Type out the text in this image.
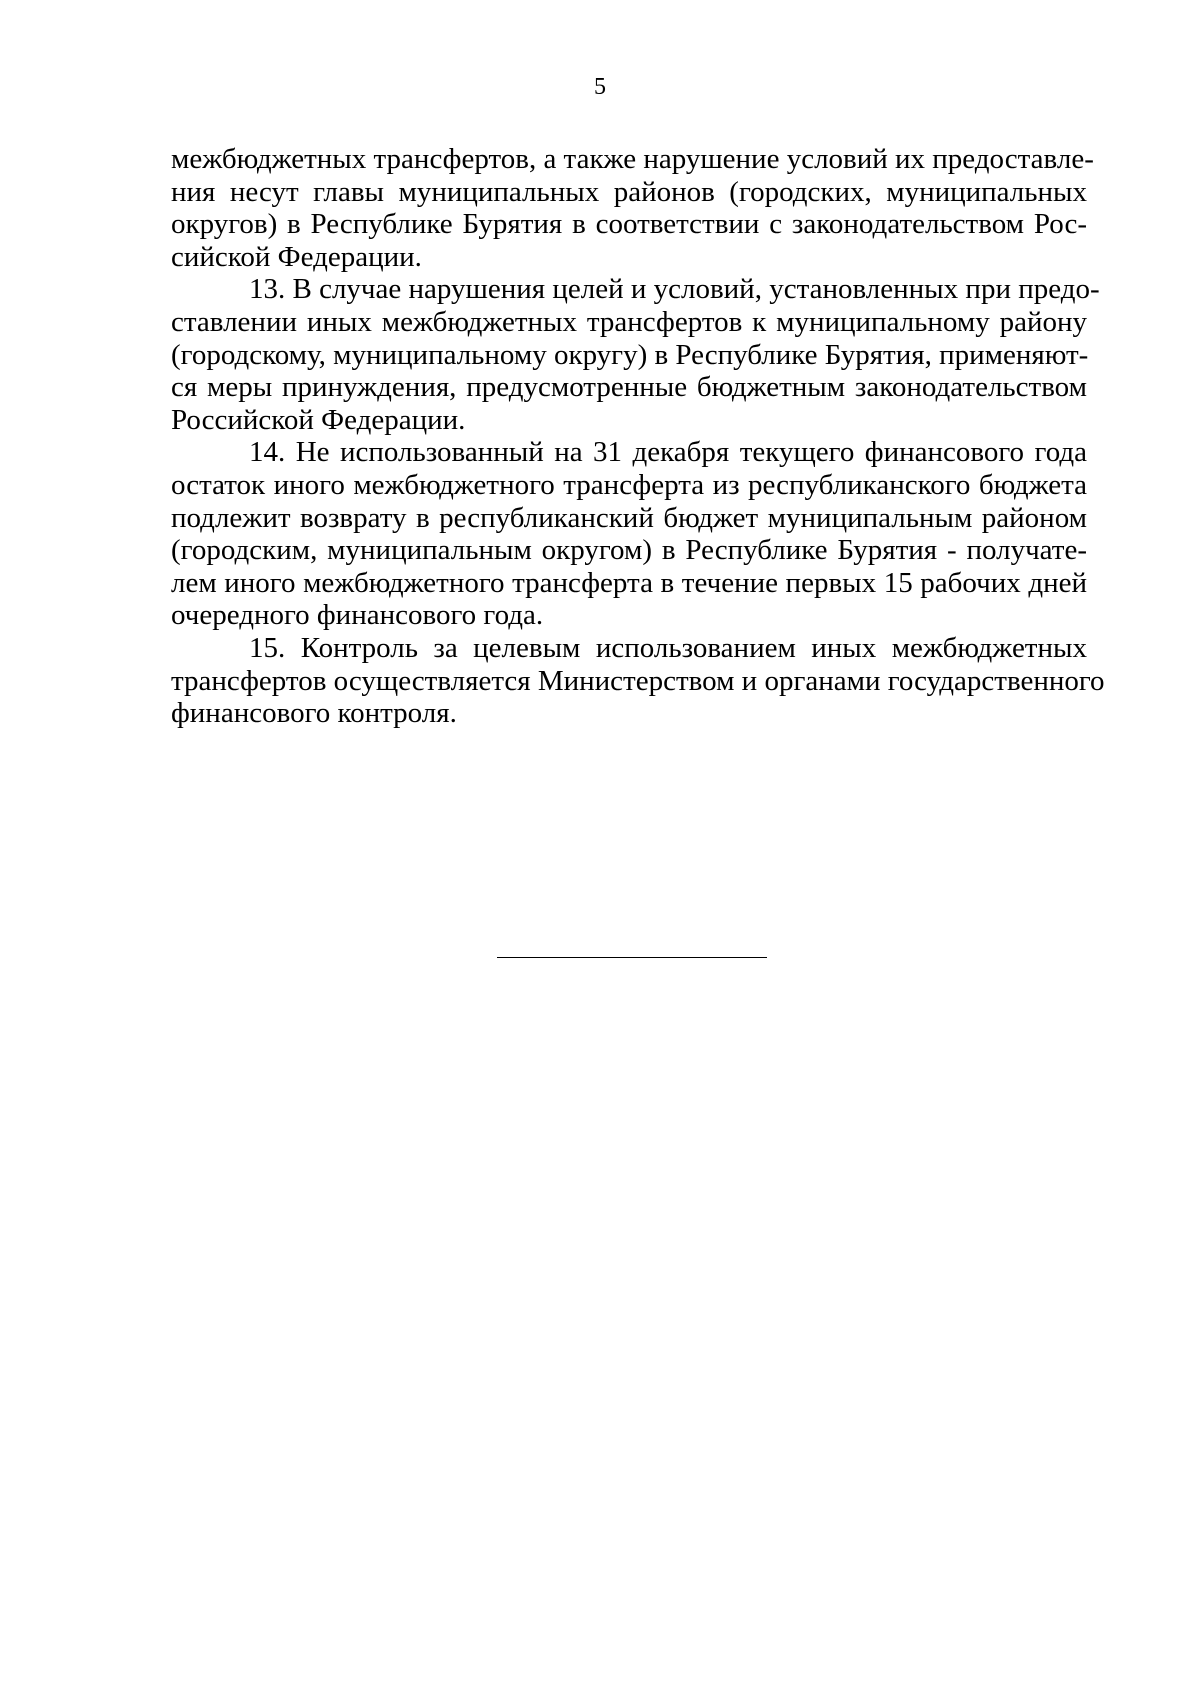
5
межбюджетных трансфертов, а также нарушение условий их предоставле-
ния несут главы муниципальных районов (городских, муниципальных
округов) в Республике Бурятия в соответствии с законодательством Рос-
сийской Федерации.
13. В случае нарушения целей и условий, установленных при предо-
ставлении иных межбюджетных трансфертов к муниципальному району
(городскому, муниципальному округу) в Республике Бурятия, применяют-
ся меры принуждения, предусмотренные бюджетным законодательством
Российской Федерации.
14. Не использованный на 31 декабря текущего финансового года
остаток иного межбюджетного трансферта из республиканского бюджета
подлежит возврату в республиканский бюджет муниципальным районом
(городским, муниципальным округом) в Республике Бурятия - получате-
лем иного межбюджетного трансферта в течение первых 15 рабочих дней
очередного финансового года.
15. Контроль за целевым использованием иных межбюджетных
трансфертов осуществляется Министерством и органами государственного
финансового контроля.
